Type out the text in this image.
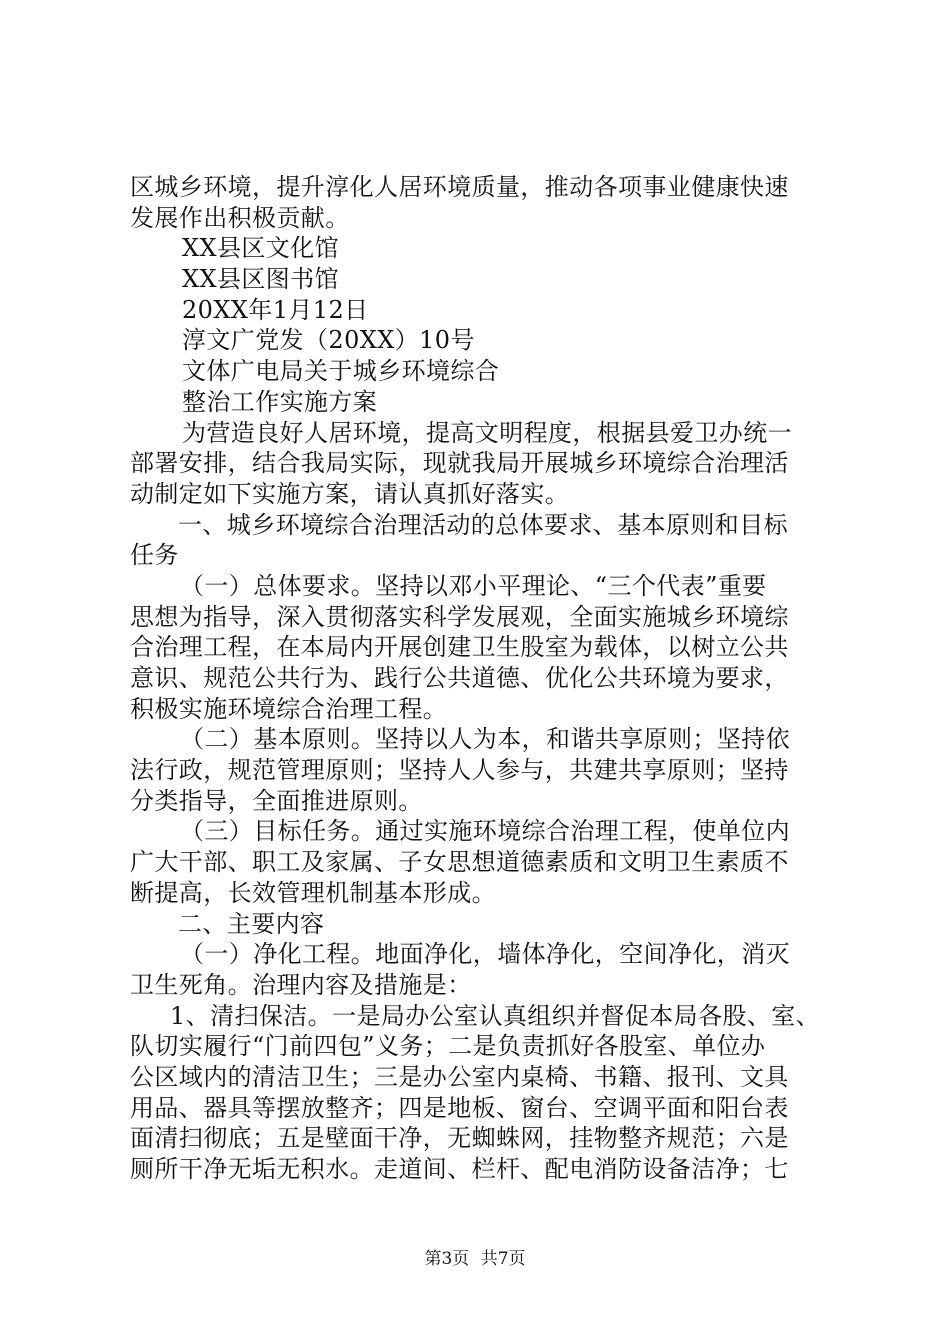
区城乡环境，提升淳化人居环境质量，推动各项事业健康快速
发展作出积极贡献。
XX县区文化馆
XX县区图书馆
20XX年1月12日
淳文广党发（20XX）10号
文体广电局关于城乡环境综合
整治工作实施方案
为营造良好人居环境，提高文明程度，根据县爱卫办统一
部署安排，结合我局实际，现就我局开展城乡环境综合治理活
动制定如下实施方案，请认真抓好落实。
一、城乡环境综合治理活动的总体要求、基本原则和目标
任务
（一）总体要求。坚持以邓小平理论、“三个代表”重要
思想为指导，深入贯彻落实科学发展观，全面实施城乡环境综
合治理工程，在本局内开展创建卫生股室为载体，以树立公共
意识、规范公共行为、践行公共道德、优化公共环境为要求，
积极实施环境综合治理工程。
（二）基本原则。坚持以人为本，和谐共享原则；坚持依
法行政，规范管理原则；坚持人人参与，共建共享原则；坚持
分类指导，全面推进原则。
（三）目标任务。通过实施环境综合治理工程，使单位内
广大干部、职工及家属、子女思想道德素质和文明卫生素质不
断提高，长效管理机制基本形成。
二、主要内容
（一）净化工程。地面净化，墙体净化，空间净化，消灭
卫生死角。治理内容及措施是：
1、清扫保洁。一是局办公室认真组织并督促本局各股、室、
队切实履行“门前四包”义务；二是负责抓好各股室、单位办
公区域内的清洁卫生；三是办公室内桌椅、书籍、报刊、文具
用品、器具等摆放整齐；四是地板、窗台、空调平面和阳台表
面清扫彻底；五是壁面干净，无蜘蛛网，挂物整齐规范；六是
厕所干净无垢无积水。走道间、栏杆、配电消防设备洁净；七
第3页 共7页
